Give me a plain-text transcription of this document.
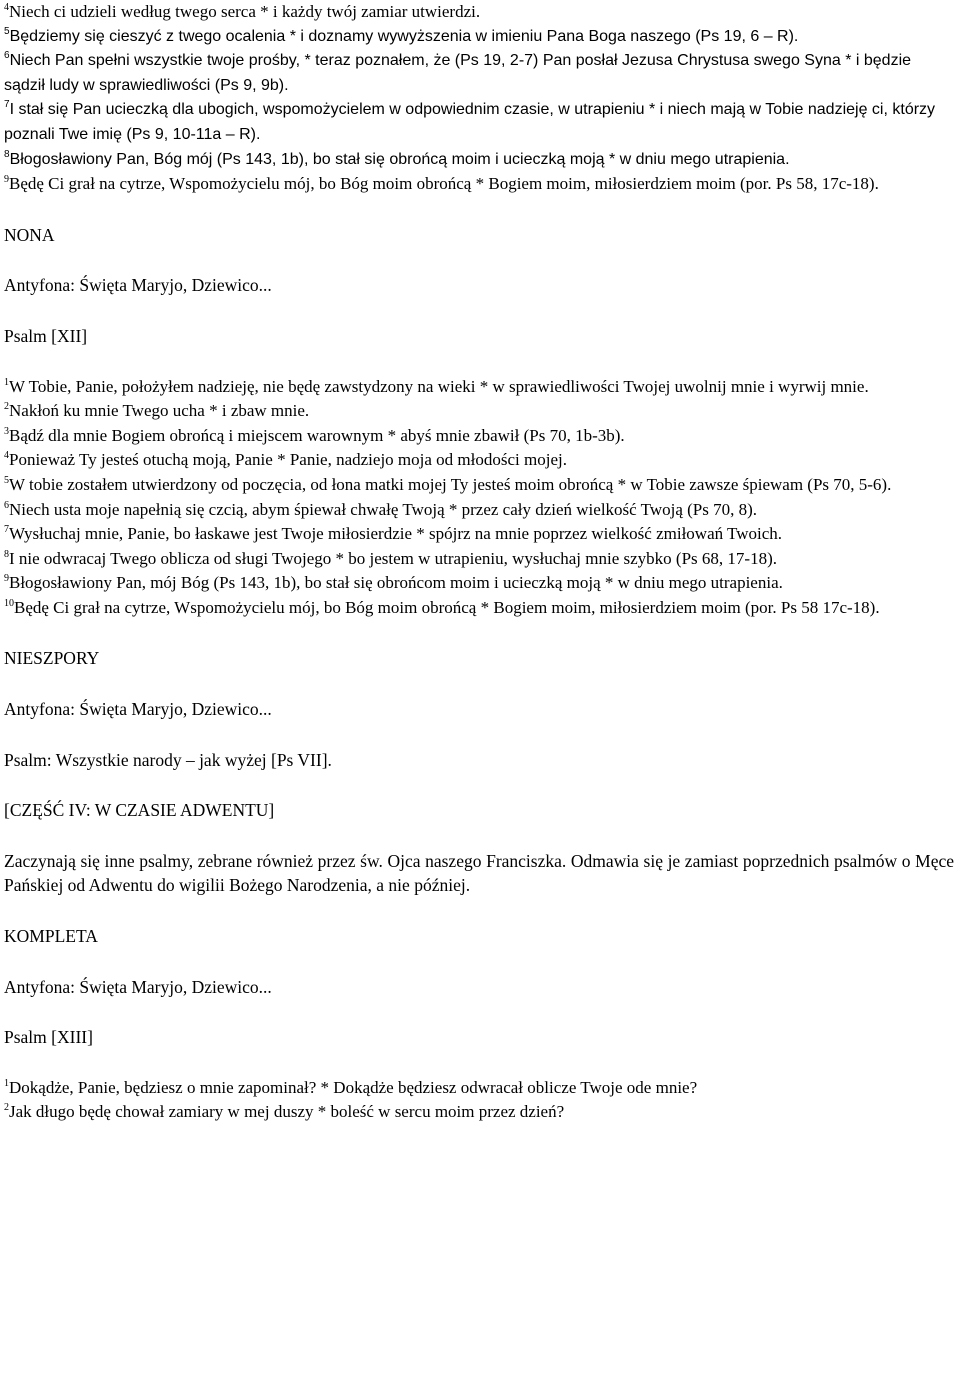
$^4$Niech ci udzieli według twego serca * i każdy twój zamiar utwierdzi.

$^5$Będziemy się cieszyć z twego ocalenia * i doznamy wywyższenia w imieniu Pana Boga naszego (Ps 19, 6 – R).

$^6$Niech Pan spełni wszystkie twoje prośby, * teraz poznałem, że (Ps 19, 2-7) Pan posłał Jezusa Chrystusa swego Syna * i będzie sądził ludy w sprawiedliwości (Ps 9, 9b).

$^7$I stał się Pan ucieczką dla ubogich, wspomożycielem w odpowiednim czasie, w utrapieniu * i niech mają w Tobie nadzieję ci, którzy poznali Twe imię (Ps 9, 10-11a – R).

$^8$Błogosławiony Pan, Bóg mój (Ps 143, 1b), bo stał się obrońcą moim i ucieczką moją * w dniu mego utrapienia.

$^9$Będę Ci grał na cytrze, Wspomożycielu mój, bo Bóg moim obrońcą * Bogiem moim, miłosierdziem moim (por. Ps 58, 17c-18).

NONA

Antyfona: Święta Maryjo, Dziewico...

Psalm [XII]

$^1$W Tobie, Panie, położyłem nadzieję, nie będę zawstydzony na wieki * w sprawiedliwości Twojej uwolnij mnie i wyrwij mnie.

$^2$Nakłoń ku mnie Twego ucha * i zbaw mnie.

$^3$Bądź dla mnie Bogiem obrońcą i miejscem warownym * abyś mnie zbawił (Ps 70, 1b-3b).

$^4$Ponieważ Ty jesteś otuchą moją, Panie * Panie, nadziejo moja od młodości mojej.

$^5$W tobie zostałem utwierdzony od poczęcia, od łona matki mojej Ty jesteś moim obrońcą * w Tobie zawsze śpiewam (Ps 70, 5-6).

$^6$Niech usta moje napełnią się czcią, abym śpiewał chwałę Twoją * przez cały dzień wielkość Twoją (Ps 70, 8).

$^7$Wysłuchaj mnie, Panie, bo łaskawe jest Twoje miłosierdzie * spójrz na mnie poprzez wielkość zmiłowań Twoich.

$^8$I nie odwracaj Twego oblicza od sługi Twojego * bo jestem w utrapieniu, wysłuchaj mnie szybko (Ps 68, 17-18).

$^9$Błogosławiony Pan, mój Bóg (Ps 143, 1b), bo stał się obrońcom moim i ucieczką moją * w dniu mego utrapienia.

$^{10}$Będę Ci grał na cytrze, Wspomożycielu mój, bo Bóg moim obrońcą * Bogiem moim, miłosierdziem moim (por. Ps 58 17c-18).

NIESZPORY

Antyfona: Święta Maryjo, Dziewico...

Psalm: Wszystkie narody – jak wyżej [Ps VII].

[CZĘŚĆ IV: W CZASIE ADWENTU]

Zaczynają się inne psalmy, zebrane również przez św. Ojca naszego Franciszka. Odmawia się je zamiast poprzednich psalmów o Męce Pańskiej od Adwentu do wigilii Bożego Narodzenia, a nie później.

KOMPLETA

Antyfona: Święta Maryjo, Dziewico...

Psalm [XIII]

$^1$Dokądże, Panie, będziesz o mnie zapominał? * Dokądże będziesz odwracał oblicze Twoje ode mnie?

$^2$Jak długo będę chował zamiary w mej duszy * boleść w sercu moim przez dzień?
